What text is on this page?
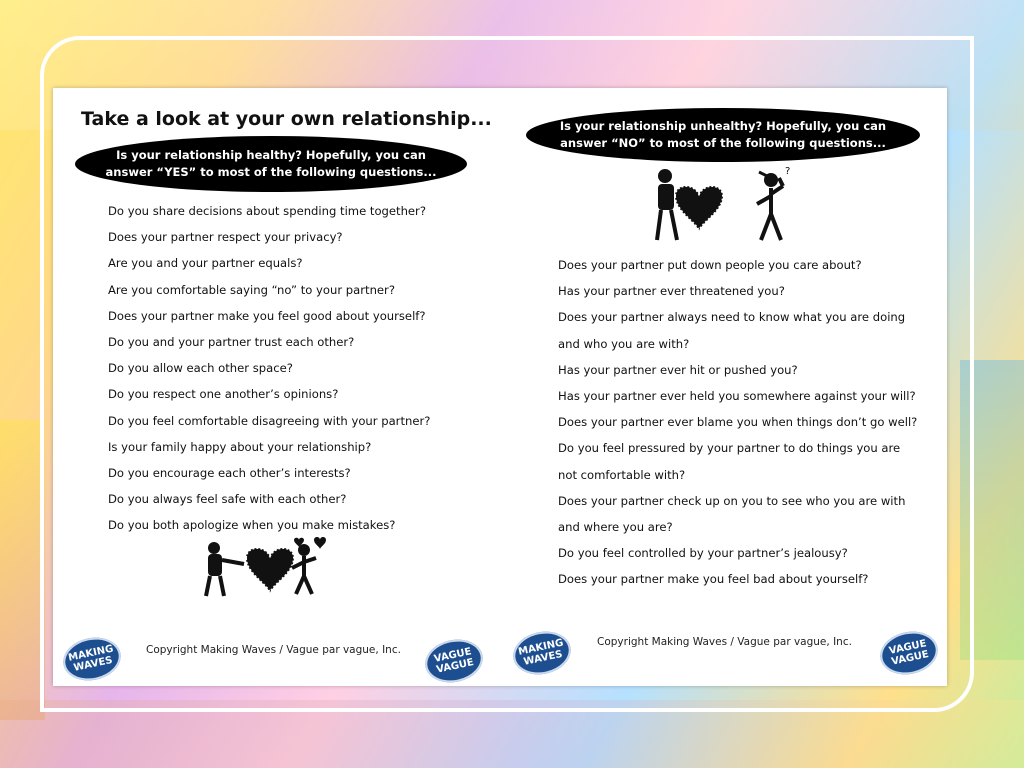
Take a look at your own relationship...
Is your relationship healthy? Hopefully, you can
answer “YES” to most of the following questions...
Do you share decisions about spending time together?
Does your partner respect your privacy?
Are you and your partner equals?
Are you comfortable saying “no” to your partner?
Does your partner make you feel good about yourself?
Do you and your partner trust each other?
Do you allow each other space?
Do you respect one another’s opinions?
Do you feel comfortable disagreeing with your partner?
Is your family happy about your relationship?
Do you encourage each other’s interests?
Do you always feel safe with each other?
Do you both apologize when you make mistakes?
MAKING WAVES
Copyright Making Waves / Vague par vague, Inc.	VAGUE VAGUE
Is your relationship unhealthy? Hopefully, you can
answer “NO” to most of the following questions...
?
Does your partner put down people you care about?
Has your partner ever threatened you?
Does your partner always need to know what you are doing
and who you are with?
Has your partner ever hit or pushed you?
Has your partner ever held you somewhere against your will?
Does your partner ever blame you when things don’t go well?
Do you feel pressured by your partner to do things you are
not comfortable with?
Does your partner check up on you to see who you are with
and where you are?
Do you feel controlled by your partner’s jealousy?
Does your partner make you feel bad about yourself?
MAKING WAVES
Copyright Making Waves / Vague par vague, Inc.	VAGUE VAGUE
